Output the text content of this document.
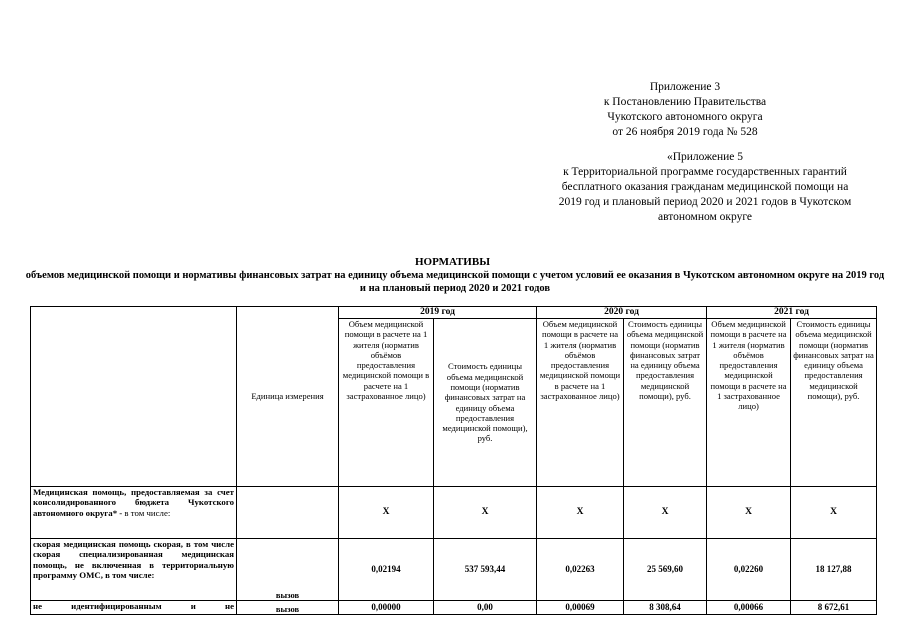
Приложение 3
к Постановлению Правительства
Чукотского автономного округа
от 26 ноября 2019 года № 528
«Приложение 5
к Территориальной программе государственных гарантий
бесплатного оказания гражданам медицинской помощи на
2019 год и плановый период 2020 и 2021 годов в Чукотском
автономном округе
НОРМАТИВЫ
объемов медицинской помощи и нормативы финансовых затрат на единицу объема медицинской помощи с учетом условий ее оказания в Чукотском автономном округе на 2019 год и на плановый период 2020 и 2021 годов
	Единица измерения	2019 год		2020 год		2021 год	
		Объем медицинской помощи в расчете на 1 жителя (норматив объёмов предоставления медицинской помощи в расчете на 1 застрахованное лицо)	Стоимость единицы объема медицинской помощи (норматив финансовых затрат на единицу объема предоставления медицинской помощи), руб.	Объем медицинской помощи в расчете на 1 жителя (норматив объёмов предоставления медицинской помощи в расчете на 1 застрахованное лицо)	Стоимость единицы объема медицинской помощи (норматив финансовых затрат на единицу объема предоставления медицинской помощи), руб.	Объем медицинской помощи в расчете на 1 жителя (норматив объёмов предоставления медицинской помощи в расчете на 1 застрахованное лицо)	Стоимость единицы объема медицинской помощи (норматив финансовых затрат на единицу объема предоставления медицинской помощи), руб.
Медицинская помощь, предоставляемая за счет консолидированного бюджета Чукотского автономного округа* - в том числе:		Х	Х	Х	Х	Х	Х
скорая медицинская помощь скорая, в том числе скорая специализированная медицинская помощь, не включенная в территориальную программу ОМС, в том числе:	вызов	0,02194	537 593,44	0,02263	25 569,60	0,02260	18 127,88
не идентифицированным и не	вызов	0,00000	0,00	0,00069	8 308,64	0,00066	8 672,61
